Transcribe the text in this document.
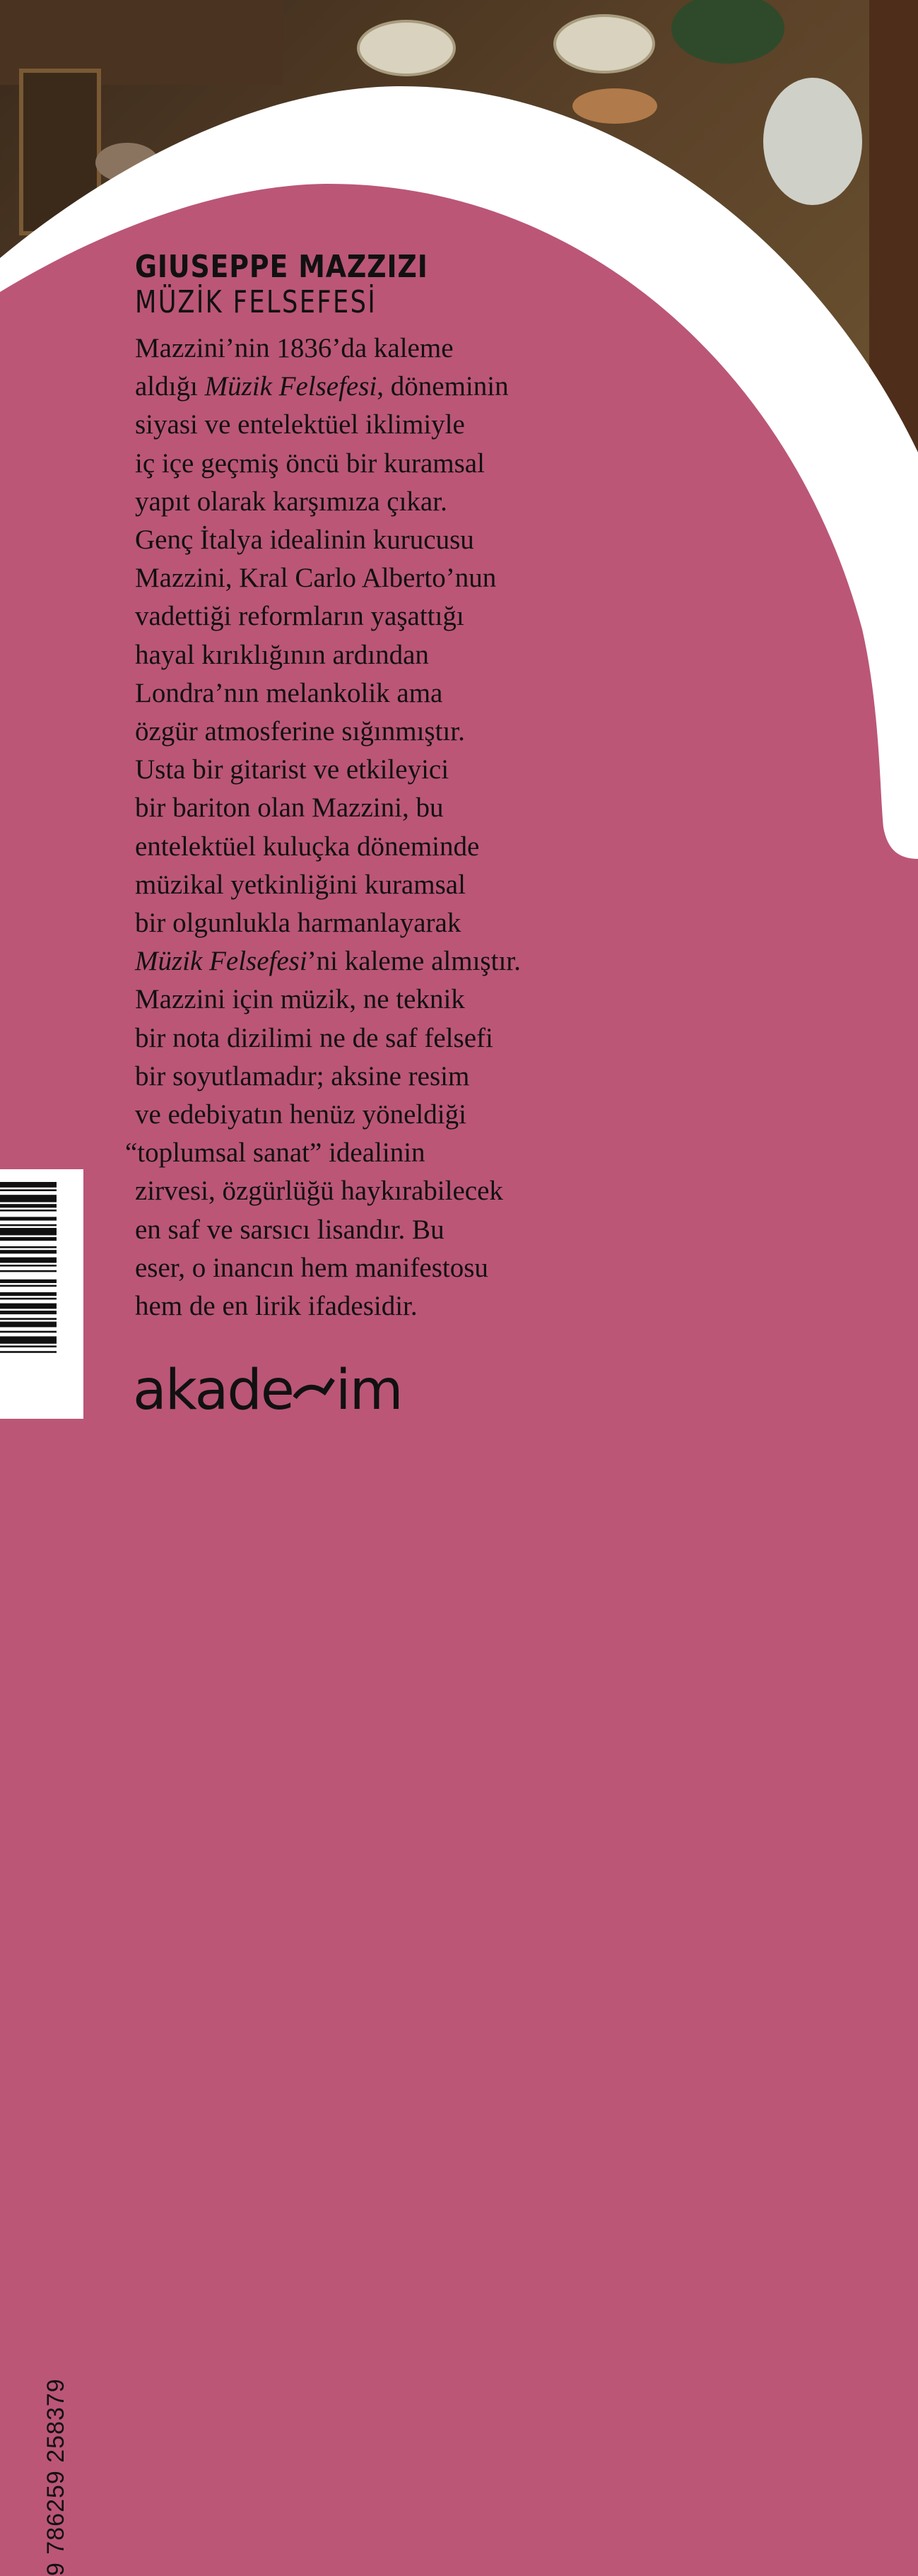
GIUSEPPE MAZZIZI
MÜZİK FELSEFESİ
Mazzini’nin 1836’da kaleme
aldığı Müzik Felsefesi, döneminin
siyasi ve entelektüel iklimiyle
iç içe geçmiş öncü bir kuramsal
yapıt olarak karşımıza çıkar.
Genç İtalya idealinin kurucusu
Mazzini, Kral Carlo Alberto’nun
vadettiği reformların yaşattığı
hayal kırıklığının ardından
Londra’nın melankolik ama
özgür atmosferine sığınmıştır.
Usta bir gitarist ve etkileyici
bir bariton olan Mazzini, bu
entelektüel kuluçka döneminde
müzikal yetkinliğini kuramsal
bir olgunlukla harmanlayarak
Müzik Felsefesi’ni kaleme almıştır.
Mazzini için müzik, ne teknik
bir nota dizilimi ne de saf felsefi
bir soyutlamadır; aksine resim
ve edebiyatın henüz yöneldiği
“toplumsal sanat” idealinin
zirvesi, özgürlüğü haykırabilecek
en saf ve sarsıcı lisandır. Bu
eser, o inancın hem manifestosu
hem de en lirik ifadesidir.
9 786259 258379
akade im
